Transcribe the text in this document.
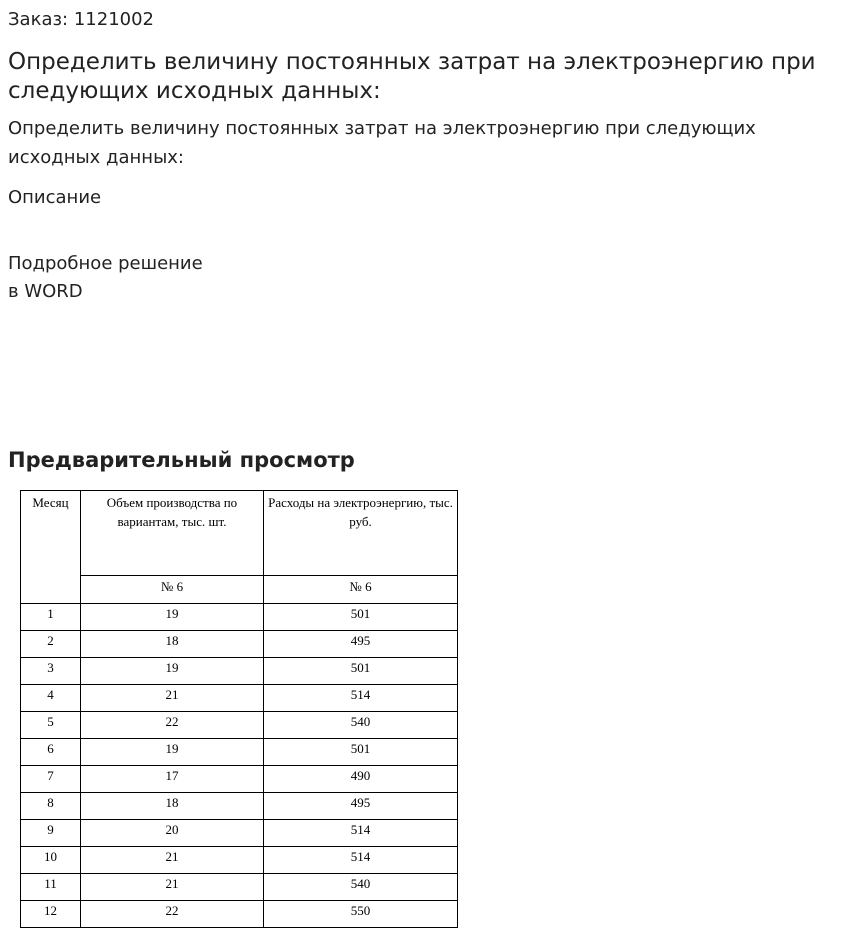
Заказ: 1121002
Определить величину постоянных затрат на электроэнергию при следующих исходных данных:
Определить величину постоянных затрат на электроэнергию при следующих исходных данных:
Описание
Подробное решение
в WORD
Предварительный просмотр
Месяц	Объем производства по вариантам, тыс. шт.	Расходы на электроэнергию, тыс. руб.
	№ 6	№ 6
1	19	501
2	18	495
3	19	501
4	21	514
5	22	540
6	19	501
7	17	490
8	18	495
9	20	514
10	21	514
11	21	540
12	22	550
